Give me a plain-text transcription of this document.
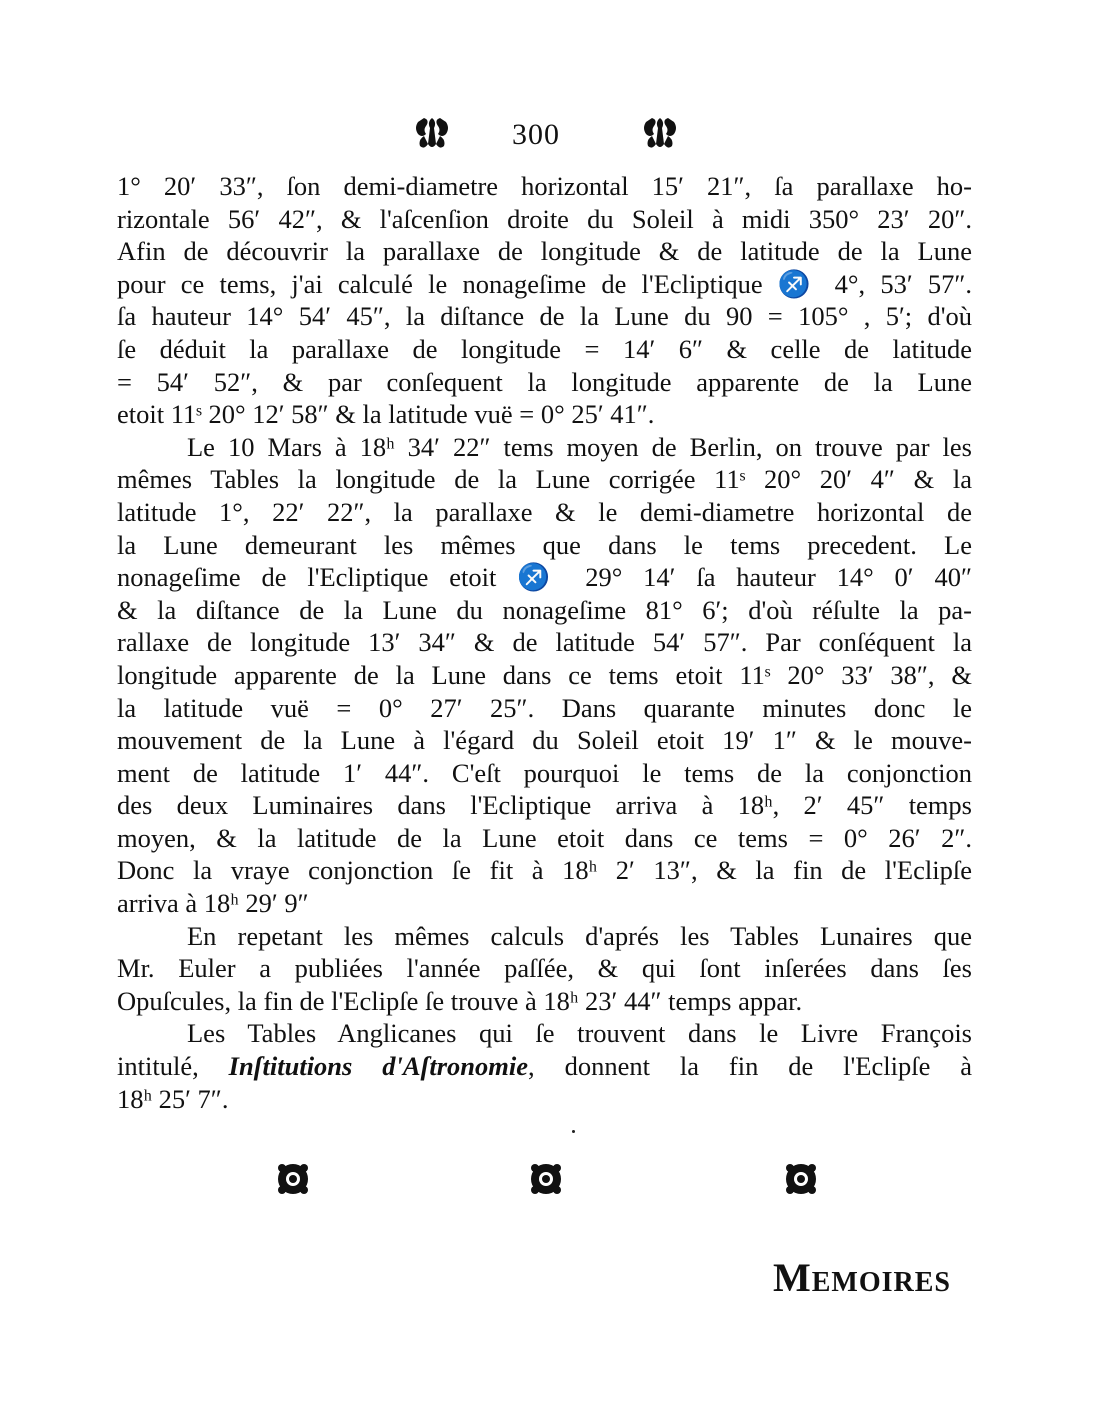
300
1° 20′ 33″, ſon demi-diametre horizontal 15′ 21″, ſa parallaxe ho-
rizontale 56′ 42″, & l'aſcenſion droite du Soleil à midi 350° 23′ 20″.
Afin de découvrir la parallaxe de longitude & de latitude de la Lune
pour ce tems, j'ai calculé le nonageſime de l'Ecliptique ♐ 4°, 53′ 57″.
ſa hauteur 14° 54′ 45″, la diſtance de la Lune du 90 = 105° , 5′; d'où
ſe déduit la parallaxe de longitude = 14′ 6″ & celle de latitude
= 54′ 52″, & par conſequent la longitude apparente de la Lune
etoit 11ˢ 20° 12′ 58″ & la latitude vuë = 0° 25′ 41″.
Le 10 Mars à 18ʰ 34′ 22″ tems moyen de Berlin, on trouve par les
mêmes Tables la longitude de la Lune corrigée 11ˢ 20° 20′ 4″ & la
latitude 1°, 22′ 22″, la parallaxe & le demi-diametre horizontal de
la Lune demeurant les mêmes que dans le tems precedent. Le
nonageſime de l'Ecliptique etoit ♐ 29° 14′ ſa hauteur 14° 0′ 40″
& la diſtance de la Lune du nonageſime 81° 6′; d'où réſulte la pa-
rallaxe de longitude 13′ 34″ & de latitude 54′ 57″. Par conſéquent la
longitude apparente de la Lune dans ce tems etoit 11ˢ 20° 33′ 38″, &
la latitude vuë = 0° 27′ 25″. Dans quarante minutes donc le
mouvement de la Lune à l'égard du Soleil etoit 19′ 1″ & le mouve-
ment de latitude 1′ 44″. C'eſt pourquoi le tems de la conjonction
des deux Luminaires dans l'Ecliptique arriva à 18ʰ, 2′ 45″ temps
moyen, & la latitude de la Lune etoit dans ce tems = 0° 26′ 2″.
Donc la vraye conjonction ſe fit à 18ʰ 2′ 13″, & la fin de l'Eclipſe
arriva à 18ʰ 29′ 9″
En repetant les mêmes calculs d'aprés les Tables Lunaires que
Mr. Euler a publiées l'année paſſée, & qui ſont inſerées dans ſes
Opuſcules, la fin de l'Eclipſe ſe trouve à 18ʰ 23′ 44″ temps appar.
Les Tables Anglicanes qui ſe trouvent dans le Livre François
intitulé, Inſtitutions d'Aſtronomie, donnent la fin de l'Eclipſe à
18ʰ 25′ 7″.
Memoires
